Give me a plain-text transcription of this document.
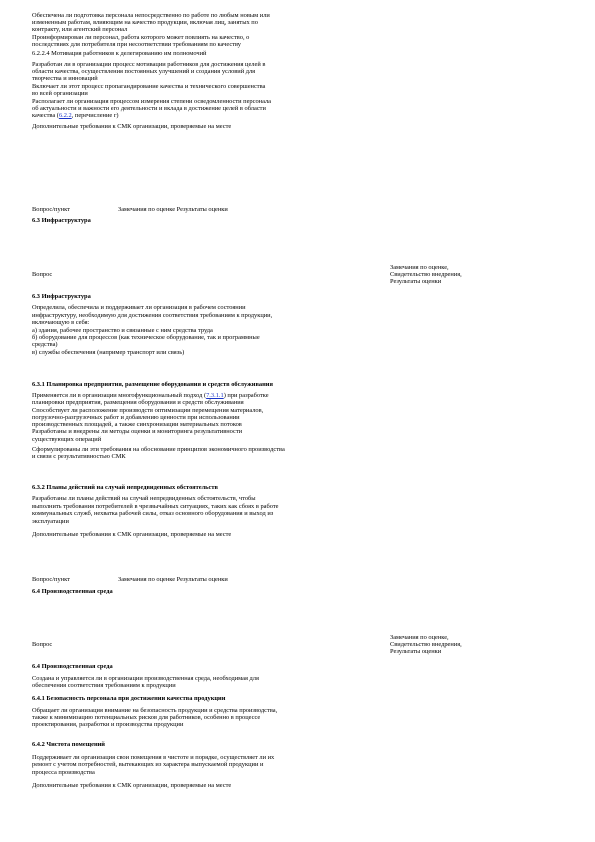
Обеспечена ли подготовка персонала непосредственно по работе по любым новым или
измененным работам, влияющим на качество продукции, включая лиц, занятых по
контракту, или агентский персонал
Проинформирован ли персонал, работа которого может повлиять на качество, о
последствиях для потребителя при несоответствии требованиям по качеству
6.2.2.4 Мотивация работников к делегированию им полномочий
Разработан ли в организации процесс мотивации работников для достижения целей в
области качества, осуществления постоянных улучшений и создания условий для
творчества и инноваций
Включает ли этот процесс пропагандирование качества и технического совершенства
во всей организации
Располагает ли организация процессом измерения степени осведомленности персонала
об актуальности и важности его деятельности и вклада в достижение целей в области
качества (6.2.2, перечисление г)
Дополнительные требования к СМК организации, проверяемые на месте
Вопрос/пункт	Замечания по оценке Результаты оценки
6.3 Инфраструктура
Вопрос
Замечания по оценке,
Свидетельство внедрения,
Результаты оценки
6.3 Инфраструктура
Определила, обеспечила и поддерживает ли организация в рабочем состоянии
инфраструктуру, необходимую для достижения соответствия требованиям к продукции,
включающую в себя:
а) здания, рабочее пространство и связанные с ним средства труда
б) оборудование для процессов (как техническое оборудование, так и программные
средства)
в) службы обеспечения (например транспорт или связь)
6.3.1 Планировка предприятия, размещение оборудования и средств обслуживания
Применяется ли в организации многофункциональный подход (7.3.1.1) при разработке
планировки предприятия, размещения оборудования и средств обслуживания
Способствует ли расположение производств оптимизации перемещения материалов,
погрузочно-разгрузочных работ и добавлению ценности при использовании
производственных площадей, а также синхронизации материальных потоков
Разработаны и внедрены ли методы оценки и мониторинга результативности
существующих операций
Сформулированы ли эти требования на обоснование принципов экономичного производства
и связи с результативностью СМК
6.3.2 Планы действий на случай непредвиденных обстоятельств
Разработаны ли планы действий на случай непредвиденных обстоятельств, чтобы
выполнить требования потребителей в чрезвычайных ситуациях, таких как сбоях в работе
коммунальных служб, нехватка рабочей силы, отказ основного оборудования и выход из
эксплуатации
Дополнительные требования к СМК организации, проверяемые на месте
Вопрос/пункт	Замечания по оценке Результаты оценки
6.4 Производственная среда
Вопрос
Замечания по оценке,
Свидетельство внедрения,
Результаты оценки
6.4 Производственная среда
Создана и управляется ли в организации производственная среда, необходимая для
обеспечения соответствия требованиям к продукции
6.4.1 Безопасность персонала при достижении качества продукции
Обращает ли организация внимание на безопасность продукции и средства производства,
также к минимизацию потенциальных рисков для работников, особенно в процессе
проектирования, разработки и производства продукции
6.4.2 Чистота помещений
Поддерживает ли организация свои помещения в чистоте и порядке, осуществляет ли их
ремонт с учетом потребностей, вытекающих из характера выпускаемой продукции и
процесса производства
Дополнительные требования к СМК организации, проверяемые на месте
